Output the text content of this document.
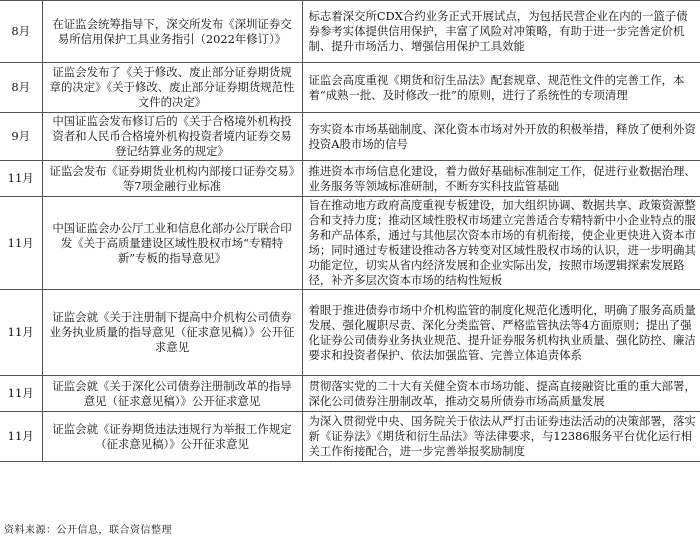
8月	在证监会统筹指导下，深交所发布《深圳证券交易所信用保护工具业务指引（2022年修订）》	标志着深交所CDX合约业务正式开展试点，为包括民营企业在内的一篮子债券参考实体提供信用保护，丰富了风险对冲策略，有助于进一步完善定价机制、提升市场活力、增强信用保护工具效能
8月	证监会发布了《关于修改、废止部分证券期货规章的决定》《关于修改、废止部分证券期货规范性文件的决定》	证监会高度重视《期货和衍生品法》配套规章、规范性文件的完善工作，本着“成熟一批、及时修改一批”的原则，进行了系统性的专项清理
9月	中国证监会发布修订后的《关于合格境外机构投资者和人民币合格境外机构投资者境内证券交易登记结算业务的规定》	夯实资本市场基础制度、深化资本市场对外开放的积极举措，释放了便利外资投资A股市场的信号
11月	证监会发布《证券期货业机构内部接口证券交易》等7项金融行业标准	推进资本市场信息化建设，着力做好基础标准制定工作，促进行业数据治理、业务服务等领域标准研制，不断夯实科技监管基础
11月	中国证监会办公厅工业和信息化部办公厅联合印发《关于高质量建设区域性股权市场“专精特新”专板的指导意见》	旨在推动地方政府高度重视专板建设，加大组织协调、数据共享、政策资源整合和支持力度；推动区域性股权市场建立完善适合专精特新中小企业特点的服务和产品体系，通过与其他层次资本市场的有机衔接，使企业更快进入资本市场；同时通过专板建设推动各方转变对区域性股权市场的认识，进一步明确其功能定位，切实从省内经济发展和企业实际出发，按照市场逻辑探索发展路径，补齐多层次资本市场的结构性短板
11月	证监会就《关于注册制下提高中介机构公司债券业务执业质量的指导意见（征求意见稿）》公开征求意见	着眼于推进债券市场中介机构监管的制度化规范化透明化，明确了服务高质量发展、强化履职尽责、深化分类监管、严格监管执法等4方面原则；提出了强化证券公司债券业务执业规范、提升证券服务机构执业质量、强化防控、廉洁要求和投资者保护、依法加强监管、完善立体追责体系
11月	证监会就《关于深化公司债券注册制改革的指导意见（征求意见稿）》公开征求意见	贯彻落实党的二十大有关健全资本市场功能、提高直接融资比重的重大部署，深化公司债券注册制改革，推动交易所债券市场高质量发展
11月	证监会就《证券期货违法违规行为举报工作规定（征求意见稿）》公开征求意见	为深入贯彻党中央、国务院关于依法从严打击证券违法活动的决策部署，落实新《证券法》《期货和衍生品法》等法律要求，与12386服务平台优化运行相关工作衔接配合，进一步完善举报奖励制度
资料来源：公开信息，联合资信整理
